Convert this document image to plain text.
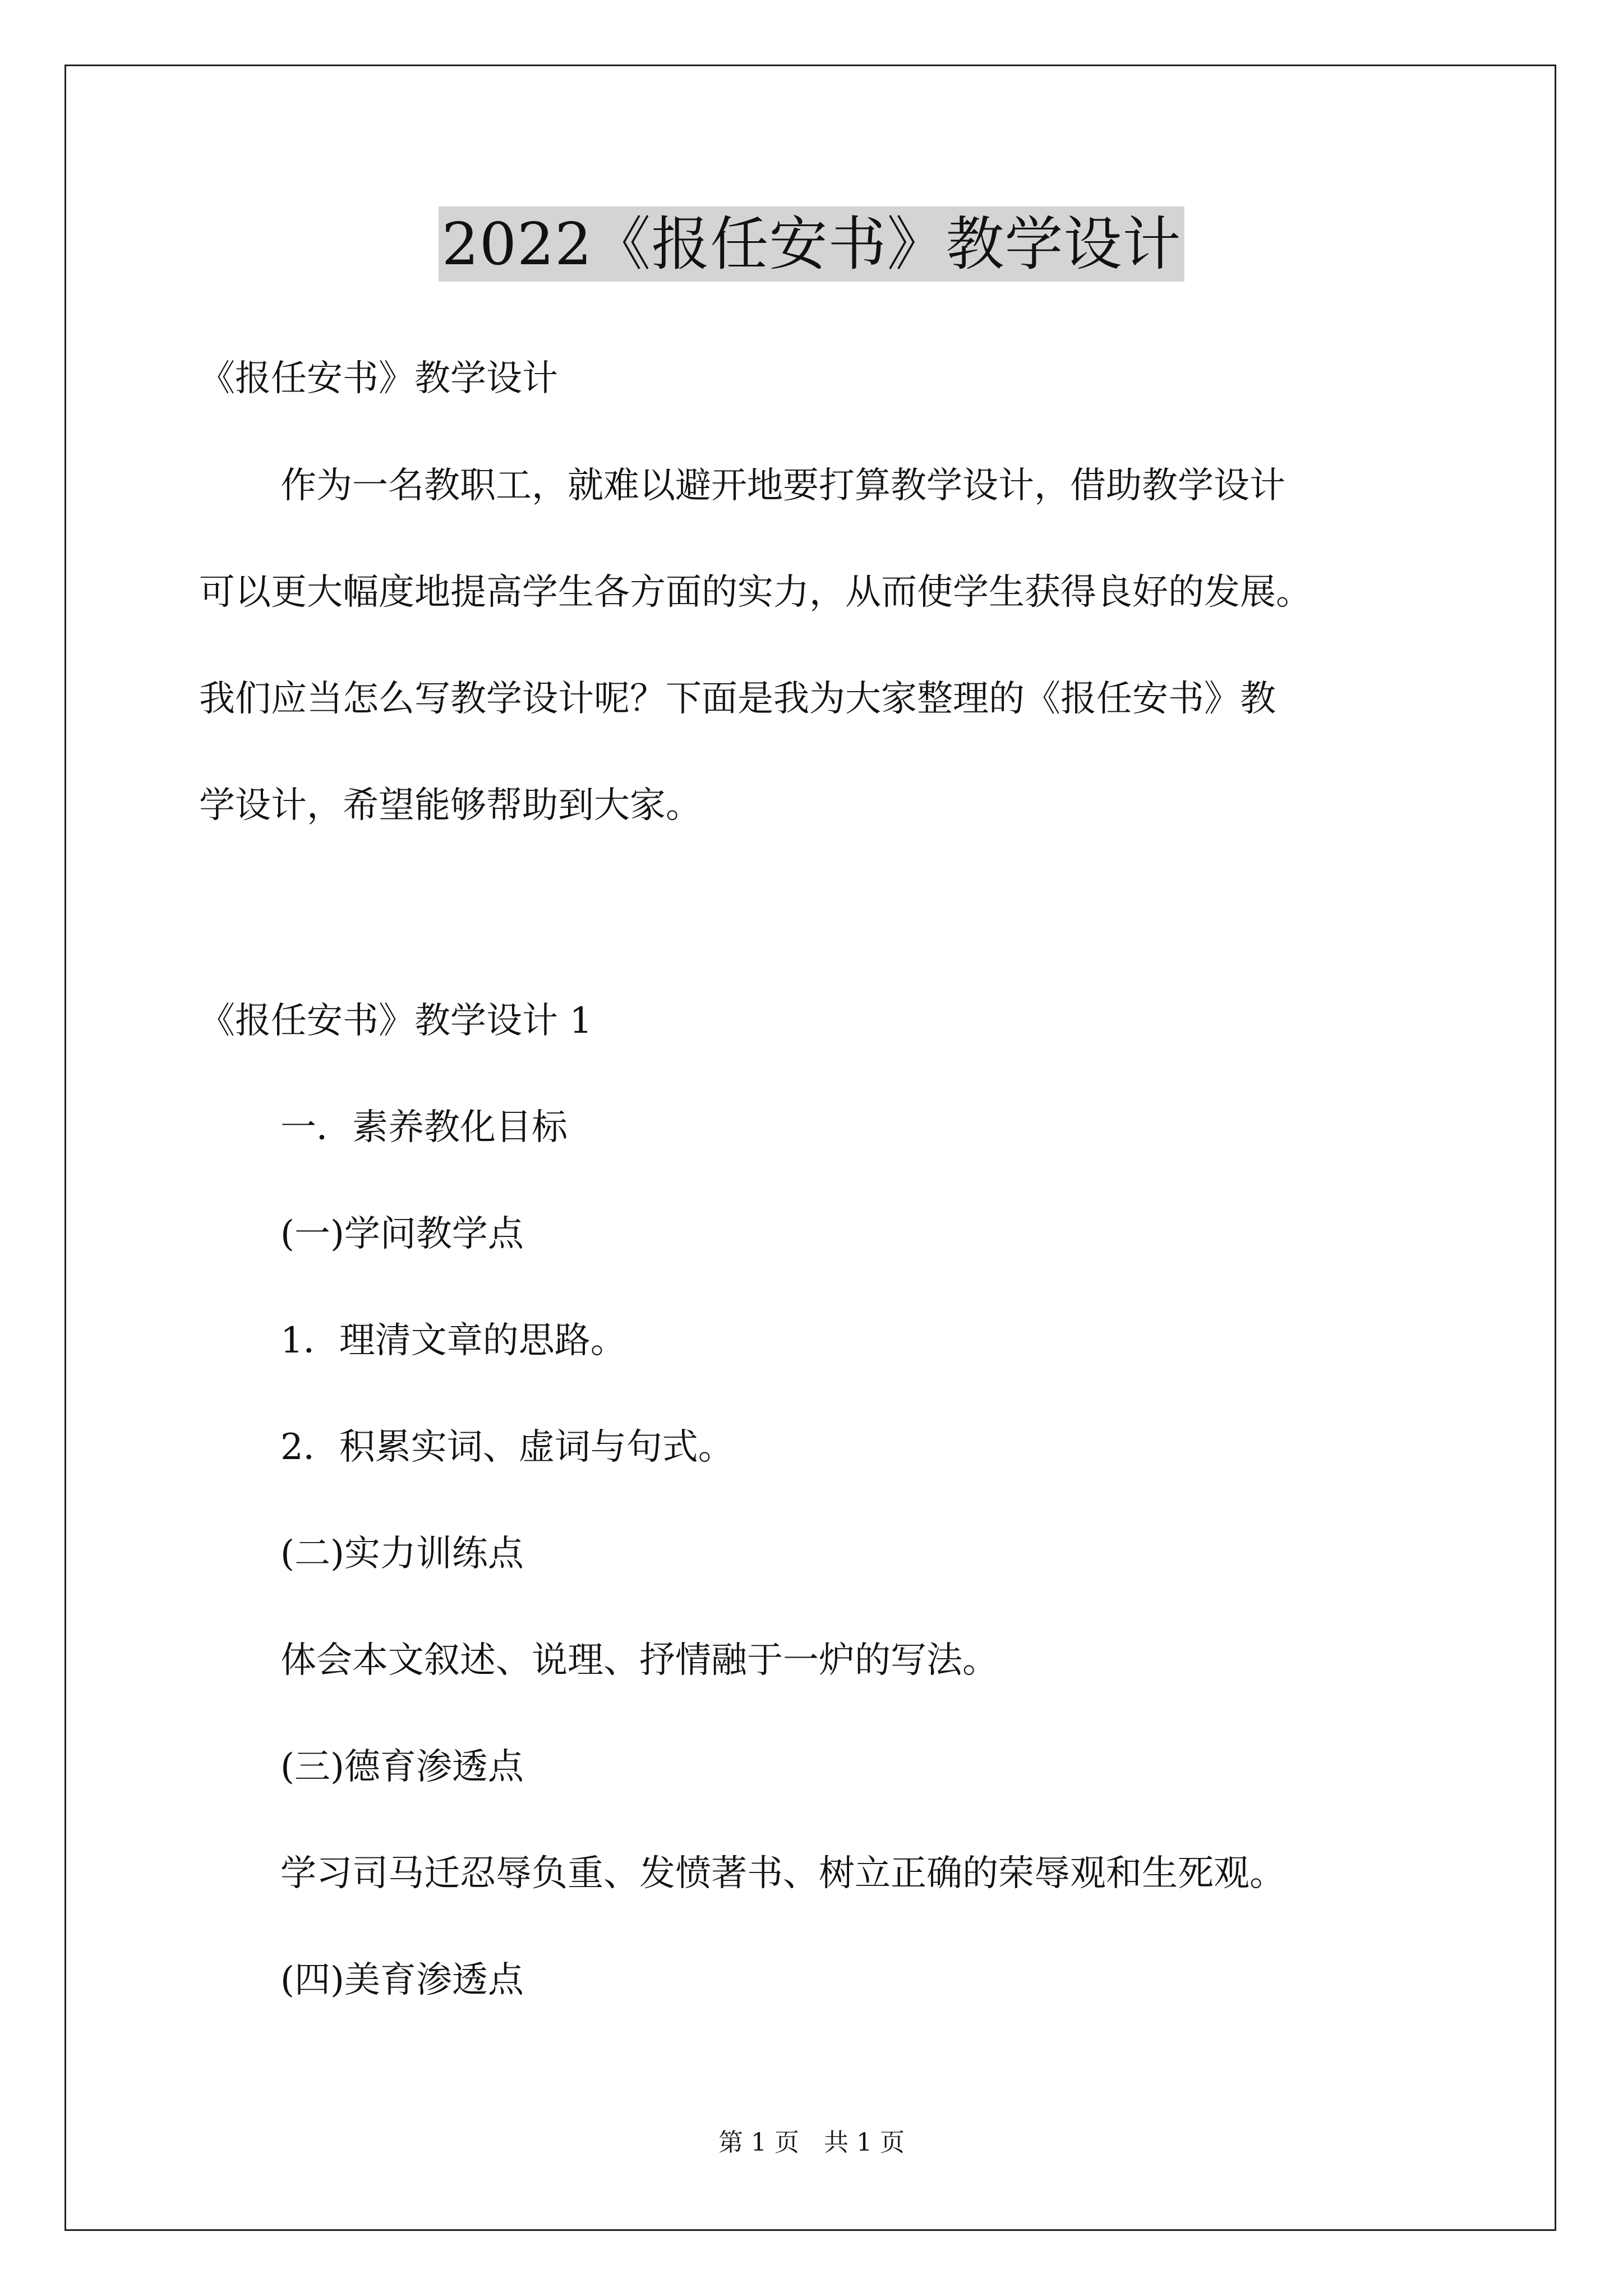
2022《报任安书》教学设计

《报任安书》教学设计

作为一名教职工，就难以避开地要打算教学设计，借助教学设计

可以更大幅度地提高学生各方面的实力，从而使学生获得良好的发展。

我们应当怎么写教学设计呢？下面是我为大家整理的《报任安书》教

学设计，希望能够帮助到大家。

《报任安书》教学设计 1

一．素养教化目标

(一)学问教学点

1．理清文章的思路。

2．积累实词、虚词与句式。

(二)实力训练点

体会本文叙述、说理、抒情融于一炉的写法。

(三)德育渗透点

学习司马迁忍辱负重、发愤著书、树立正确的荣辱观和生死观。

(四)美育渗透点

第 1 页　共 1 页
